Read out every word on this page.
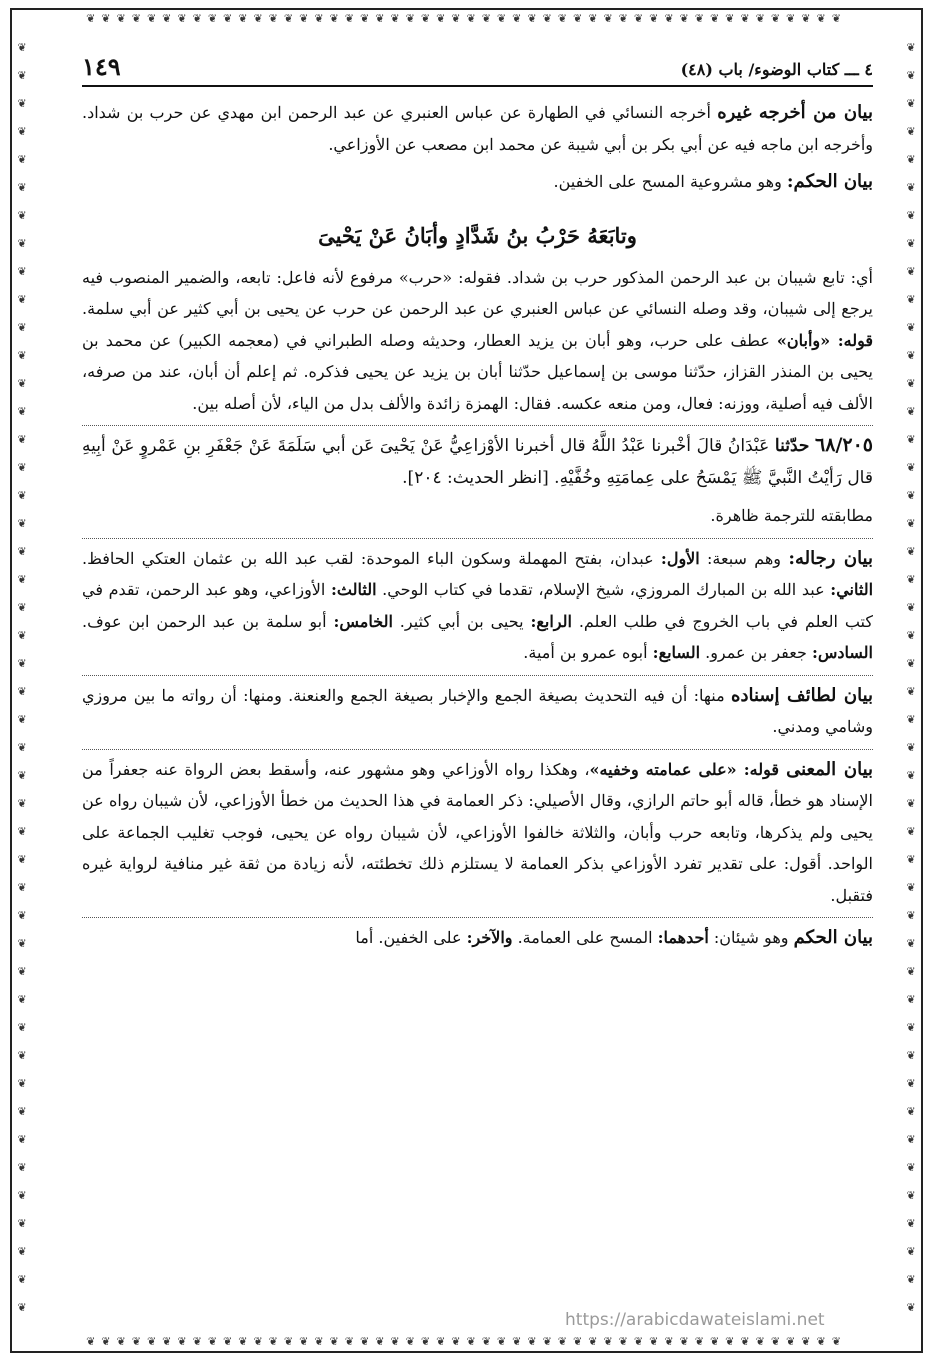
❦❦❦❦❦❦❦❦❦❦❦❦❦❦❦❦❦❦❦❦❦❦❦❦❦❦❦❦❦❦❦❦❦❦❦❦❦❦❦❦❦❦❦❦❦❦❦❦❦❦
❦❦❦❦❦❦❦❦❦❦❦❦❦❦❦❦❦❦❦❦❦❦❦❦❦❦❦❦❦❦❦❦❦❦❦❦❦❦❦❦❦❦❦❦❦❦
❦❦❦❦❦❦❦❦❦❦❦❦❦❦❦❦❦❦❦❦❦❦❦❦❦❦❦❦❦❦❦❦❦❦❦❦❦❦❦❦❦❦❦❦❦❦
❦❦❦❦❦❦❦❦❦❦❦❦❦❦❦❦❦❦❦❦❦❦❦❦❦❦❦❦❦❦❦❦❦❦❦❦❦❦❦❦❦❦❦❦❦❦❦❦❦❦
٤ ـــ كتاب الوضوء/ باب (٤٨)
١٤٩

بيان من أخرجه غيره أخرجه النسائي في الطهارة عن عباس العنبري عن عبد الرحمن ابن مهدي عن حرب بن شداد. وأخرجه ابن ماجه فيه عن أبي بكر بن أبي شيبة عن محمد ابن مصعب عن الأوزاعي.

بيان الحكم: وهو مشروعية المسح على الخفين.

وتابَعَهُ حَرْبُ بنُ شَدَّادٍ وأبَانُ عَنْ يَحْيىَ

أي: تابع شيبان بن عبد الرحمن المذكور حرب بن شداد. فقوله: «حرب» مرفوع لأنه فاعل: تابعه، والضمير المنصوب فيه يرجع إلى شيبان، وقد وصله النسائي عن عباس العنبري عن عبد الرحمن عن حرب عن يحيى بن أبي كثير عن أبي سلمة. قوله: «وأبان» عطف على حرب، وهو أبان بن يزيد العطار، وحديثه وصله الطبراني في (معجمه الكبير) عن محمد بن يحيى بن المنذر القزاز، حدّثنا موسى بن إسماعيل حدّثنا أبان بن يزيد عن يحيى فذكره. ثم إعلم أن أبان، عند من صرفه، الألف فيه أصلية، ووزنه: فعال، ومن منعه عكسه. فقال: الهمزة زائدة والألف بدل من الياء، لأن أصله بين.

٦٨/٢٠٥ حدّثنا عَبْدَانُ قالَ أخْبرنا عَبْدُ اللَّهُ قال أخبرنا الأوْزاعِيُّ عَنْ يَحْيىَ عَن أبي سَلَمَةَ عَنْ جَعْفَرِ بنِ عَمْروٍ عَنْ أبِيهِ قال رَأيْتُ النَّبيَّ ﷺ يَمْسَحُ على عِمامَتِهِ وخُفَّيْهِ. [انظر الحديث: ٢٠٤].

مطابقته للترجمة ظاهرة.

بيان رجاله: وهم سبعة: الأول: عبدان، بفتح المهملة وسكون الباء الموحدة: لقب عبد الله بن عثمان العتكي الحافظ. الثاني: عبد الله بن المبارك المروزي، شيخ الإسلام، تقدما في كتاب الوحي. الثالث: الأوزاعي، وهو عبد الرحمن، تقدم في كتب العلم في باب الخروج في طلب العلم. الرابع: يحيى بن أبي كثير. الخامس: أبو سلمة بن عبد الرحمن ابن عوف. السادس: جعفر بن عمرو. السابع: أبوه عمرو بن أمية.

بيان لطائف إسناده منها: أن فيه التحديث بصيغة الجمع والإخبار بصيغة الجمع والعنعنة. ومنها: أن رواته ما بين مروزي وشامي ومدني.

بيان المعنى قوله: «على عمامته وخفيه»، وهكذا رواه الأوزاعي وهو مشهور عنه، وأسقط بعض الرواة عنه جعفراً من الإسناد هو خطأ، قاله أبو حاتم الرازي، وقال الأصيلي: ذكر العمامة في هذا الحديث من خطأ الأوزاعي، لأن شيبان رواه عن يحيى ولم يذكرها، وتابعه حرب وأبان، والثلاثة خالفوا الأوزاعي، لأن شيبان رواه عن يحيى، فوجب تغليب الجماعة على الواحد. أقول: على تقدير تفرد الأوزاعي بذكر العمامة لا يستلزم ذلك تخطئته، لأنه زيادة من ثقة غير منافية لرواية غيره فتقبل.

بيان الحكم وهو شيئان: أحدهما: المسح على العمامة. والآخر: على الخفين. أما

https://arabicdawateislami.net
